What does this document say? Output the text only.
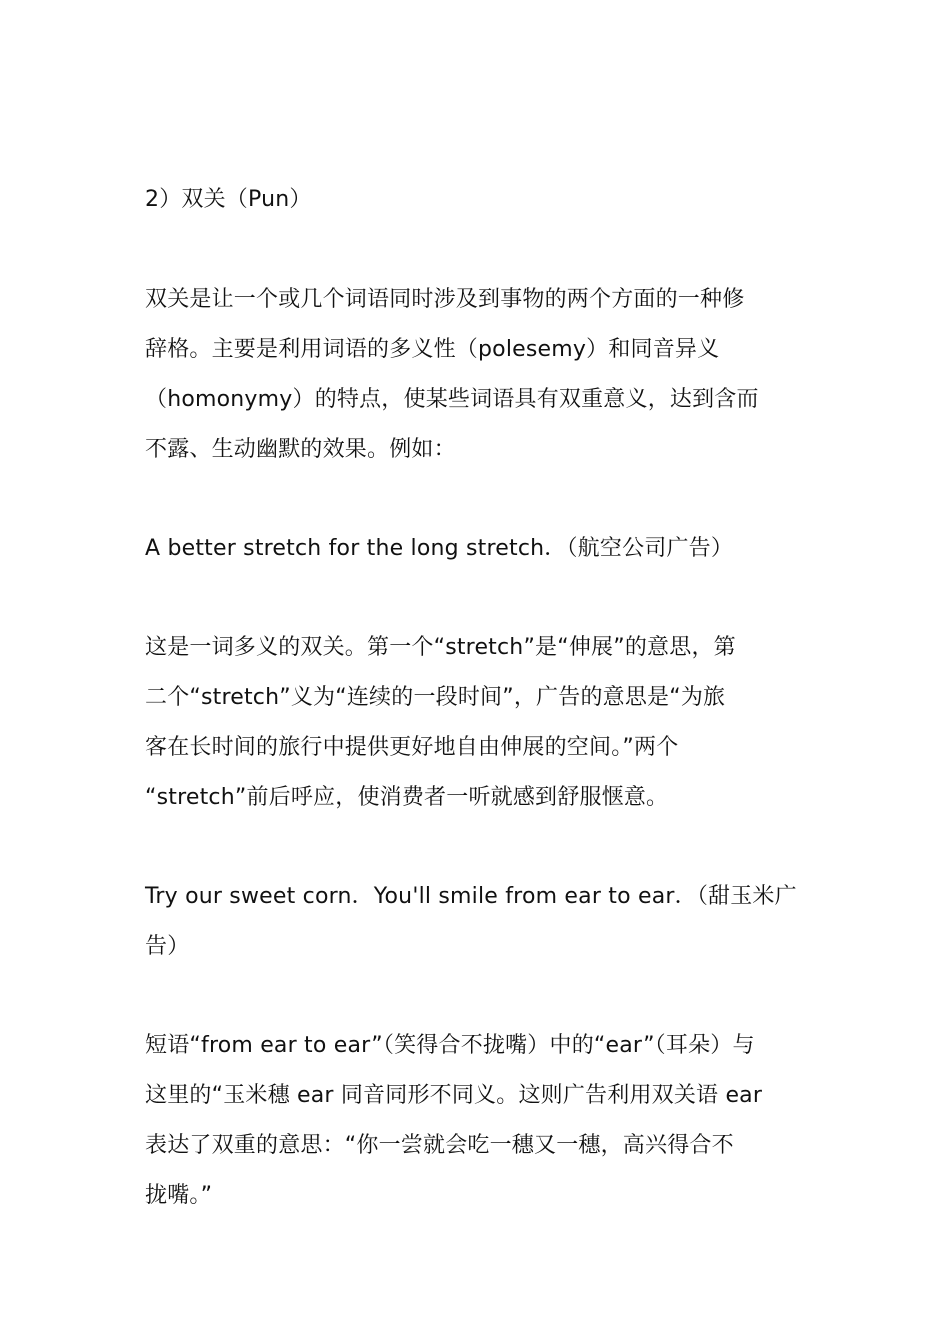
2）双关（Pun）
双关是让一个或几个词语同时涉及到事物的两个方面的一种修
辞格。主要是利用词语的多义性（polesemy）和同音异义
（homonymy）的特点，使某些词语具有双重意义，达到含而
不露、生动幽默的效果。例如：
A better stretch for the long stretch．（航空公司广告）
这是一词多义的双关。第一个“stretch”是“伸展”的意思，第
二个“stretch”义为“连续的一段时间”，广告的意思是“为旅
客在长时间的旅行中提供更好地自由伸展的空间。”两个
“stretch”前后呼应，使消费者一听就感到舒服惬意。
Try our sweet corn．You'll smile from ear to ear．（甜玉米广
告）
短语“from ear to ear”（笑得合不拢嘴）中的“ear”（耳朵）与
这里的“玉米穗 ear 同音同形不同义。这则广告利用双关语 ear
表达了双重的意思：“你一尝就会吃一穗又一穗，高兴得合不
拢嘴。”
